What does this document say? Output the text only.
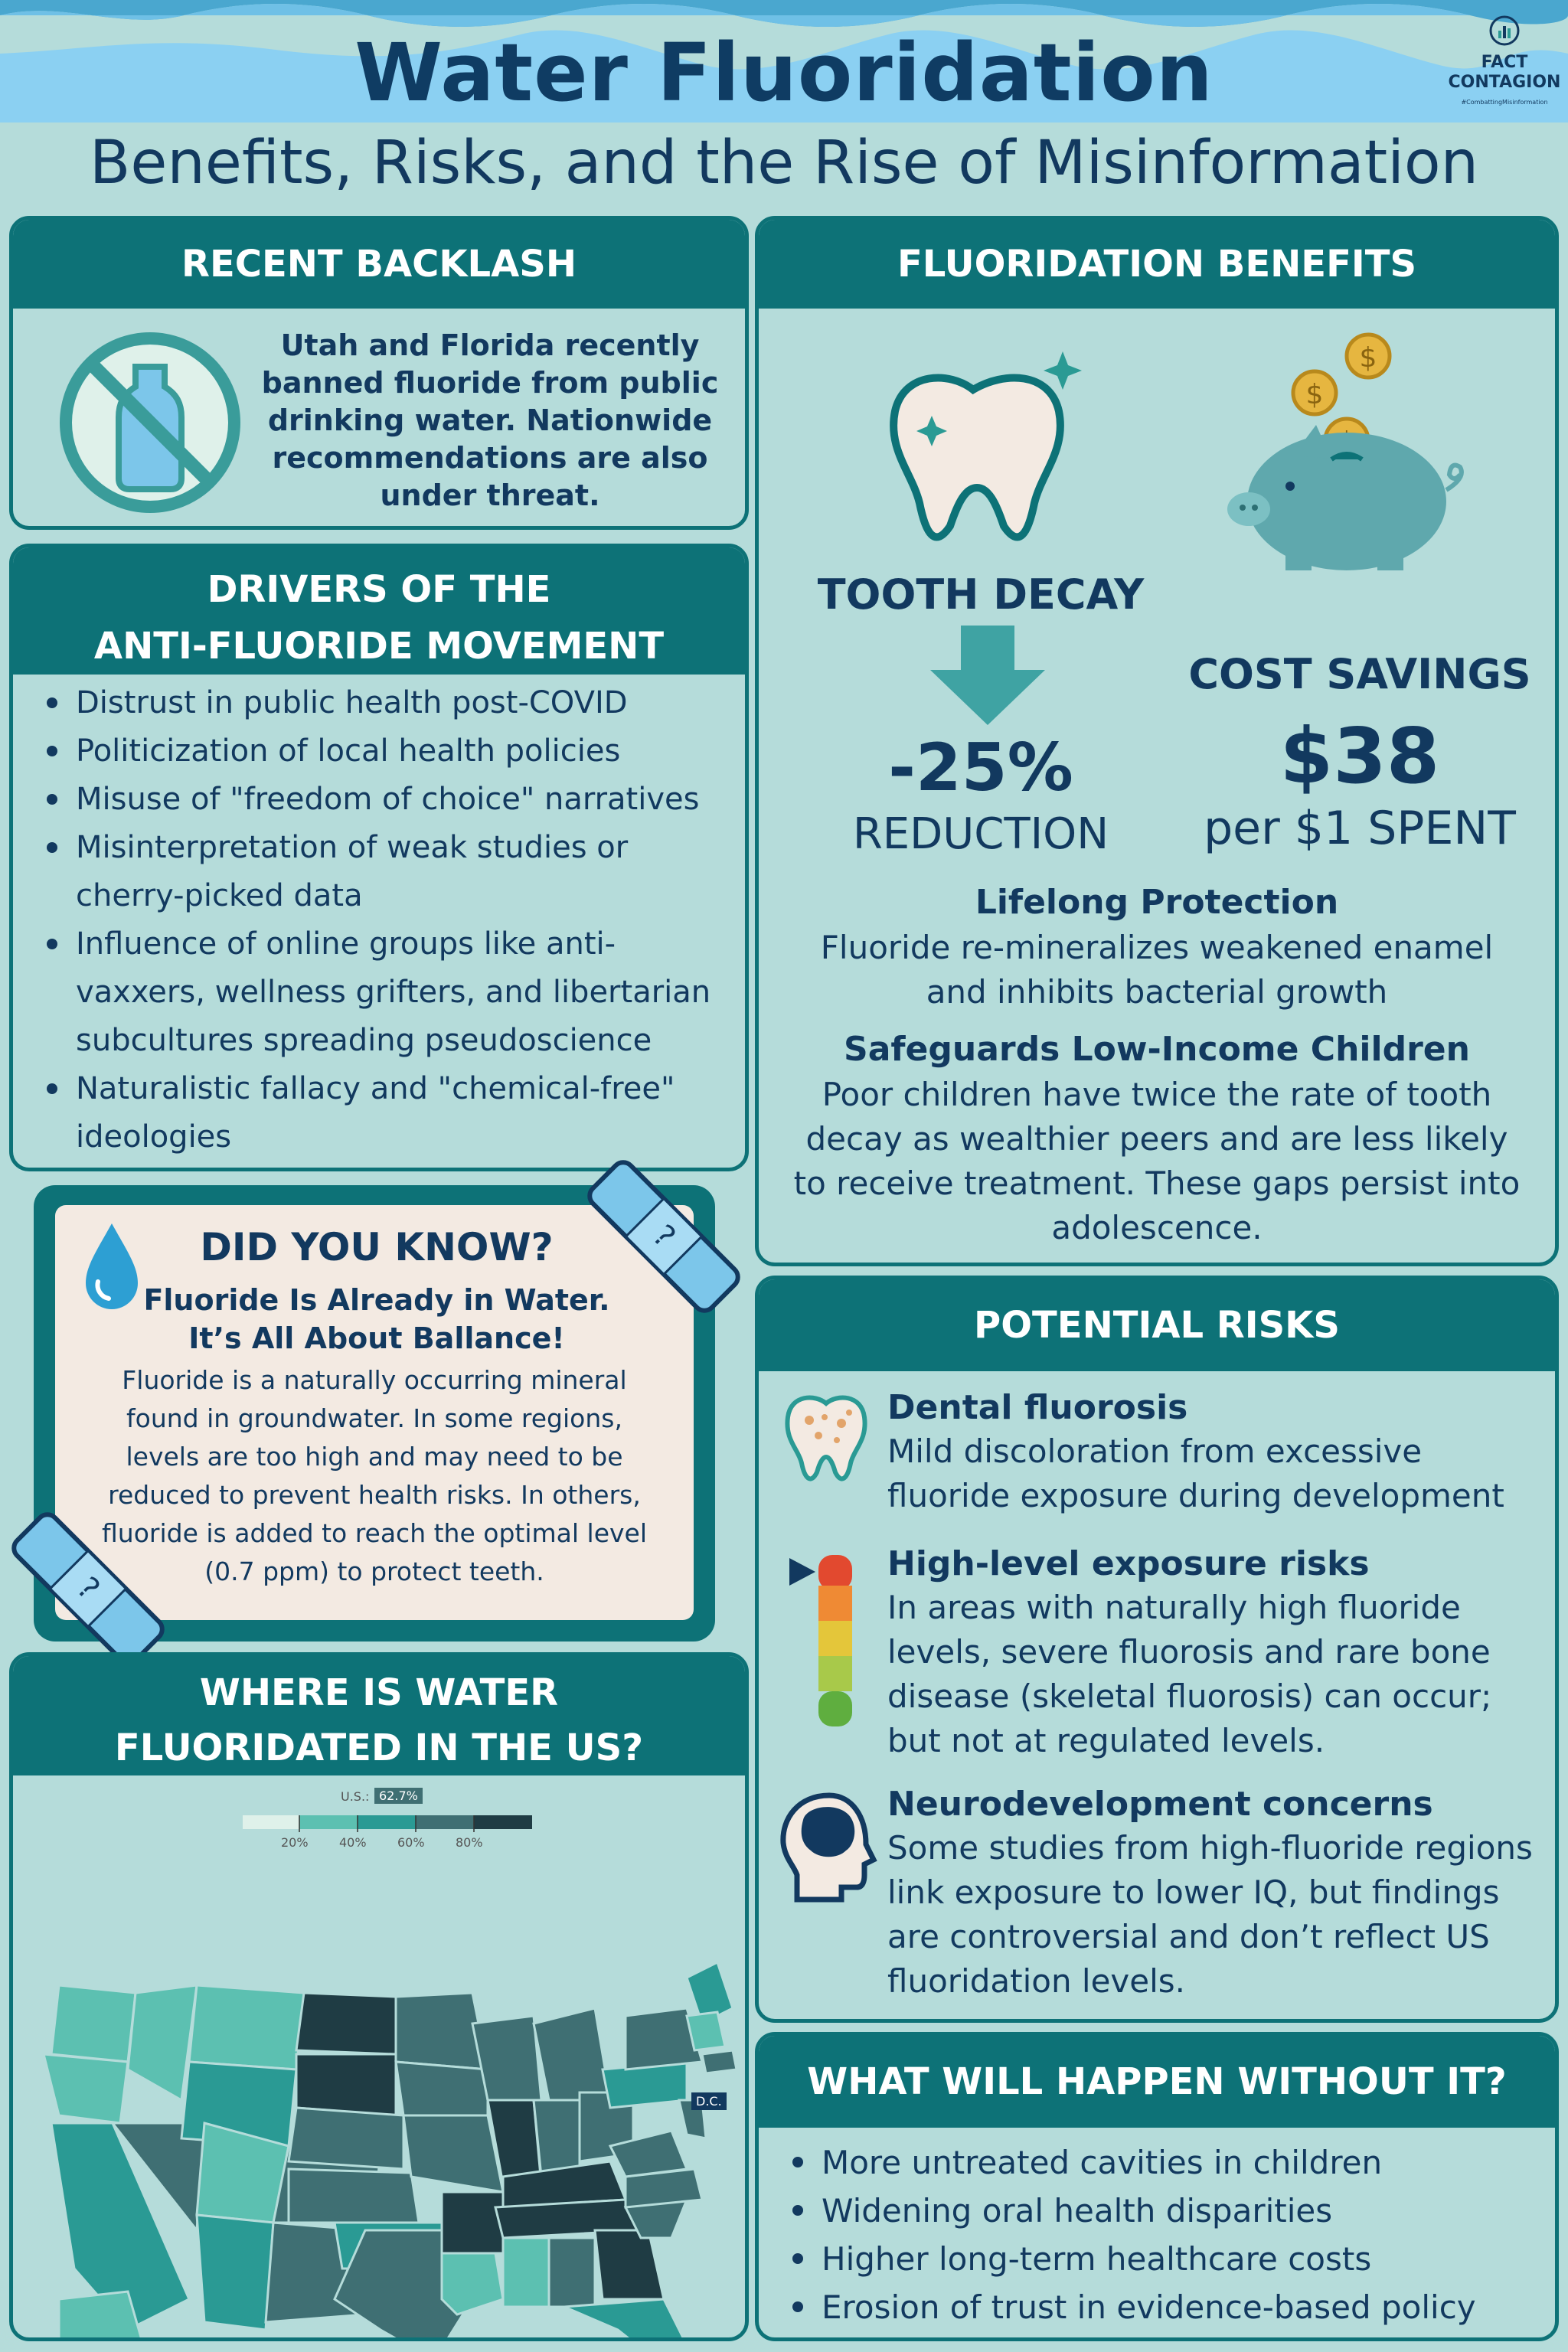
Water Fluoridation	FACT
CONTAGION
#CombattingMisinformation
Benefits, Risks, and the Rise of Misinformation
RECENT BACKLASH
Utah and Florida recently banned fluoride from public drinking water. Nationwide recommendations are also under threat.
DRIVERS OF THE
ANTI-FLUORIDE MOVEMENT
Distrust in public health post-COVID
Politicization of local health policies
Misuse of "freedom of choice" narratives
Misinterpretation of weak studies or cherry-picked data
Influence of online groups like anti-vaxxers, wellness grifters, and libertarian subcultures spreading pseudoscience
Naturalistic fallacy and "chemical-free" ideologies
DID YOU KNOW?
Fluoride Is Already in Water.
It’s All About Ballance!
Fluoride is a naturally occurring mineral found in groundwater. In some regions, levels are too high and may need to be reduced to prevent health risks. In others, fluoride is added to reach the optimal level (0.7 ppm) to protect teeth.
?
?
WHERE IS WATER
FLUORIDATED IN THE US?
U.S.: 62.7%
20%	40%	60%	80%
D.C.
FLUORIDATION BENEFITS
TOOTH DECAY
-25%
REDUCTION
$
$
COST SAVINGS
$38
per $1 SPENT
Lifelong Protection
Fluoride re-mineralizes weakened enamel and inhibits bacterial growth
Safeguards Low-Income Children
Poor children have twice the rate of tooth decay as wealthier peers and are less likely to receive treatment. These gaps persist into adolescence.
POTENTIAL RISKS
Dental fluorosis
Mild discoloration from excessive fluoride exposure during development
High-level exposure risks
In areas with naturally high fluoride levels, severe fluorosis and rare bone disease (skeletal fluorosis) can occur; but not at regulated levels.
Neurodevelopment concerns
Some studies from high-fluoride regions link exposure to lower IQ, but findings are controversial and don’t reflect US fluoridation levels.
WHAT WILL HAPPEN WITHOUT IT?
More untreated cavities in children
Widening oral health disparities
Higher long-term healthcare costs
Erosion of trust in evidence-based policy
